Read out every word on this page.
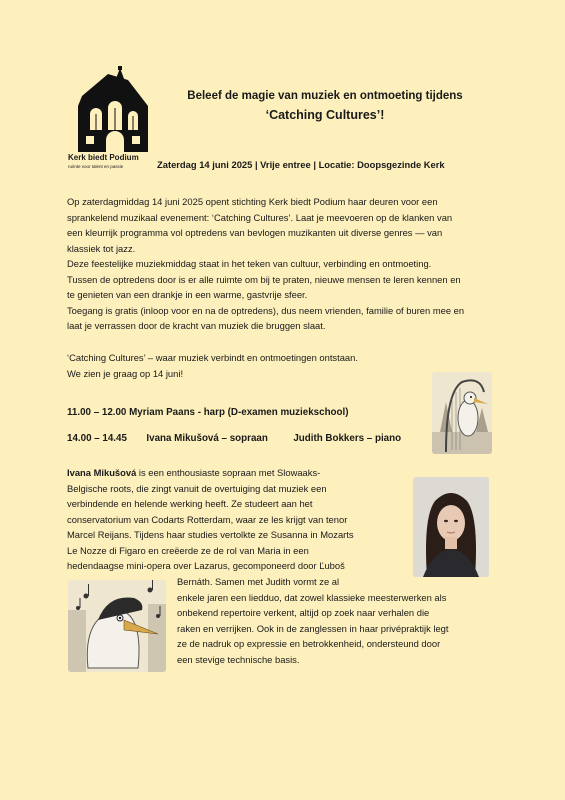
Kerk biedt Podium
ruimte voor talent en passie
Beleef de magie van muziek en ontmoeting tijdens
‘Catching Cultures’!
Zaterdag 14 juni 2025 | Vrije entree | Locatie: Doopsgezinde Kerk
Op zaterdagmiddag 14 juni 2025 opent stichting Kerk biedt Podium haar deuren voor een
sprankelend muzikaal evenement: ‘Catching Cultures’. Laat je meevoeren op de klanken van
een kleurrijk programma vol optredens van bevlogen muzikanten uit diverse genres — van
klassiek tot jazz.
Deze feestelijke muziekmiddag staat in het teken van cultuur, verbinding en ontmoeting.
Tussen de optredens door is er alle ruimte om bij te praten, nieuwe mensen te leren kennen en
te genieten van een drankje in een warme, gastvrije sfeer.
Toegang is gratis (inloop voor en na de optredens), dus neem vrienden, familie of buren mee en
laat je verrassen door de kracht van muziek die bruggen slaat.
‘Catching Cultures’ – waar muziek verbindt en ontmoetingen ontstaan.
We zien je graag op 14 juni!
11.00 – 12.00 Myriam Paans - harp (D-examen muziekschool)
14.00 – 14.45 Ivana Mikušová – sopraan	Judith Bokkers – piano
Ivana Mikušová is een enthousiaste sopraan met Slowaaks-
Belgische roots, die zingt vanuit de overtuiging dat muziek een
verbindende en helende werking heeft. Ze studeert aan het
conservatorium van Codarts Rotterdam, waar ze les krijgt van tenor
Marcel Reijans. Tijdens haar studies vertolkte ze Susanna in Mozarts
Le Nozze di Figaro en creëerde ze de rol van Maria in een
hedendaagse mini-opera over Lazarus, gecomponeerd door Ľuboš
Bernáth. Samen met Judith vormt ze al
enkele jaren een liedduo, dat zowel klassieke meesterwerken als
onbekend repertoire verkent, altijd op zoek naar verhalen die
raken en verrijken. Ook in de zanglessen in haar privépraktijk legt
ze de nadruk op expressie en betrokkenheid, ondersteund door
een stevige technische basis.
